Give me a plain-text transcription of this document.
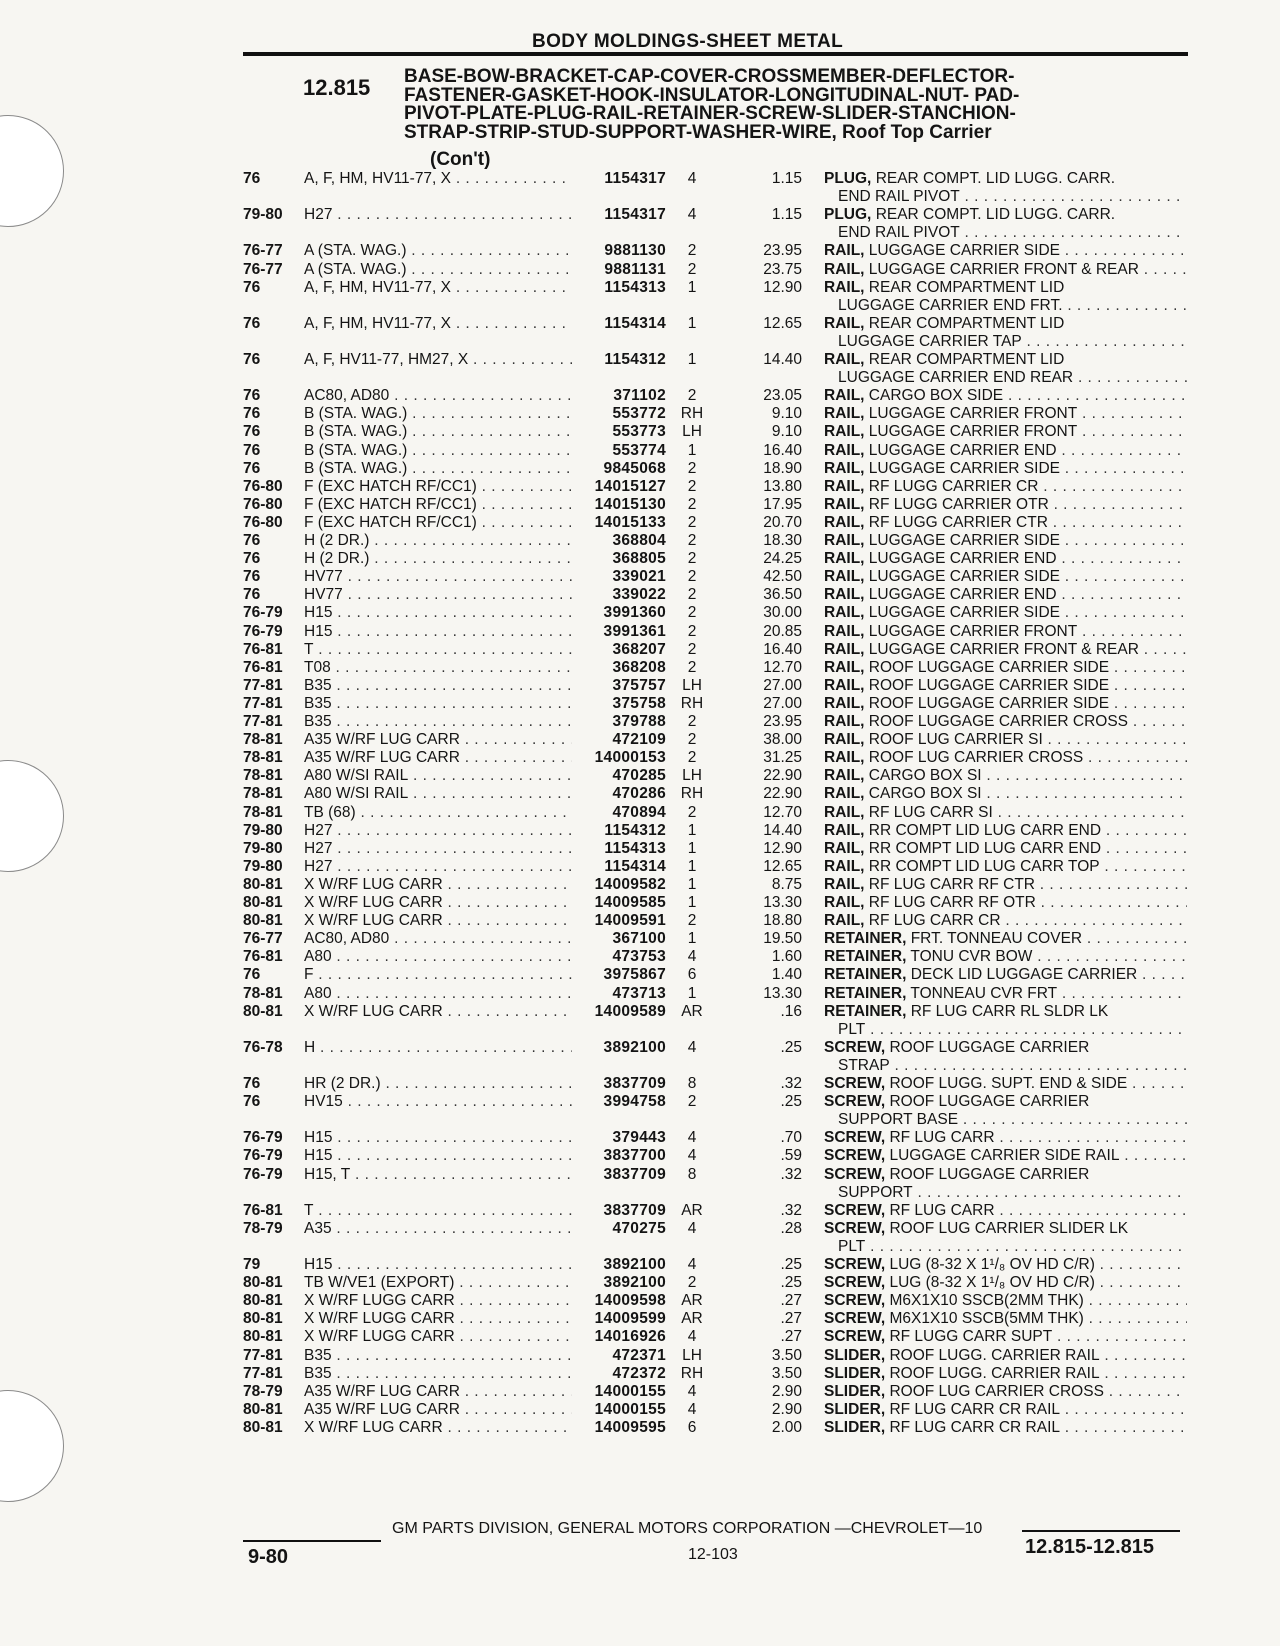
BODY MOLDINGS-SHEET METAL
12.815 BASE-BOW-BRACKET-CAP-COVER-CROSSMEMBER-DEFLECTOR-
FASTENER-GASKET-HOOK-INSULATOR-LONGITUDINAL-NUT- PAD-
PIVOT-PLATE-PLUG-RAIL-RETAINER-SCREW-SLIDER-STANCHION-
STRAP-STRIP-STUD-SUPPORT-WASHER-WIRE, Roof Top Carrier
(Con't)
76	A, F, HM, HV11-77, X . . .	1154317	4	1.15 PLUG, REAR COMPT. LID LUGG. CARR.
END RAIL PIVOT . . .
79-80 H27 . . .	1154317	4	1.15 PLUG, REAR COMPT. LID LUGG. CARR.
END RAIL PIVOT . . .
76-77 A (STA. WAG.) . . .	9881130	2	23.95 RAIL, LUGGAGE CARRIER SIDE . . .
76-77 A (STA. WAG.) . . .	9881131	2	23.75 RAIL, LUGGAGE CARRIER FRONT & REAR . . .
76	A, F, HM, HV11-77, X . . .	1154313	1	12.90 RAIL, REAR COMPARTMENT LID
LUGGAGE CARRIER END FRT. . . .
76	A, F, HM, HV11-77, X . . .	1154314	1	12.65 RAIL, REAR COMPARTMENT LID
LUGGAGE CARRIER TAP . . .
76	A, F, HV11-77, HM27, X . . .	1154312	1	14.40 RAIL, REAR COMPARTMENT LID
LUGGAGE CARRIER END REAR . . .
76	AC80, AD80 . . .	371102	2	23.05 RAIL, CARGO BOX SIDE . . .
76	B (STA. WAG.) . . .	553772 RH	9.10 RAIL, LUGGAGE CARRIER FRONT . . .
76	B (STA. WAG.) . . .	553773	LH	9.10 RAIL, LUGGAGE CARRIER FRONT . . .
76	B (STA. WAG.) . . .	553774	1	16.40 RAIL, LUGGAGE CARRIER END . . .
76	B (STA. WAG.) . . .	9845068	2	18.90 RAIL, LUGGAGE CARRIER SIDE . . .
76-80 F (EXC HATCH RF/CC1) . . .	14015127	2	13.80 RAIL, RF LUGG CARRIER CR . . .
76-80 F (EXC HATCH RF/CC1) . . .	14015130	2	17.95 RAIL, RF LUGG CARRIER OTR . . .
76-80 F (EXC HATCH RF/CC1) . . .	14015133	2	20.70 RAIL, RF LUGG CARRIER CTR . . .
76	H (2 DR.) . . .	368804	2	18.30 RAIL, LUGGAGE CARRIER SIDE . . .
76	H (2 DR.) . . .	368805	2	24.25 RAIL, LUGGAGE CARRIER END . . .
76	HV77 . . .	339021	2	42.50 RAIL, LUGGAGE CARRIER SIDE . . .
76	HV77 . . .	339022	2	36.50 RAIL, LUGGAGE CARRIER END . . .
76-79 H15 . . .	3991360	2	30.00 RAIL, LUGGAGE CARRIER SIDE . . .
76-79 H15 . . .	3991361	2	20.85 RAIL, LUGGAGE CARRIER FRONT . . .
76-81 T . . .	368207	2	16.40 RAIL, LUGGAGE CARRIER FRONT & REAR . . .
76-81 T08 . . .	368208	2	12.70 RAIL, ROOF LUGGAGE CARRIER SIDE . . .
77-81 B35 . . .	375757	LH	27.00 RAIL, ROOF LUGGAGE CARRIER SIDE . . .
77-81 B35 . . .	375758 RH	27.00 RAIL, ROOF LUGGAGE CARRIER SIDE . . .
77-81 B35 . . .	379788	2	23.95 RAIL, ROOF LUGGAGE CARRIER CROSS . . .
78-81 A35 W/RF LUG CARR . . .	472109	2	38.00 RAIL, ROOF LUG CARRIER SI . . .
78-81 A35 W/RF LUG CARR . . .	14000153	2	31.25 RAIL, ROOF LUG CARRIER CROSS . . .
78-81 A80 W/SI RAIL . . .	470285	LH	22.90 RAIL, CARGO BOX SI . . .
78-81 A80 W/SI RAIL . . .	470286 RH	22.90 RAIL, CARGO BOX SI . . .
78-81 TB (68) . . .	470894	2	12.70 RAIL, RF LUG CARR SI . . .
79-80 H27 . . .	1154312	1	14.40 RAIL, RR COMPT LID LUG CARR END . . .
79-80 H27 . . .	1154313	1	12.90 RAIL, RR COMPT LID LUG CARR END . . .
79-80 H27 . . .	1154314	1	12.65 RAIL, RR COMPT LID LUG CARR TOP . . .
80-81 X W/RF LUG CARR . . .	14009582	1	8.75 RAIL, RF LUG CARR RF CTR . . .
80-81 X W/RF LUG CARR . . .	14009585	1	13.30 RAIL, RF LUG CARR RF OTR . . .
80-81 X W/RF LUG CARR . . .	14009591	2	18.80 RAIL, RF LUG CARR CR . . .
76-77 AC80, AD80 . . .	367100	1	19.50 RETAINER, FRT. TONNEAU COVER . . .
76-81 A80 . . .	473753	4	1.60 RETAINER, TONU CVR BOW . . .
76	F . . .	3975867	6	1.40 RETAINER, DECK LID LUGGAGE CARRIER . . .
78-81 A80 . . .	473713	1	13.30 RETAINER, TONNEAU CVR FRT . . .
80-81 X W/RF LUG CARR . . .	14009589 AR	.16 RETAINER, RF LUG CARR RL SLDR LK
PLT . . .
76-78 H . . .	3892100	4	.25 SCREW, ROOF LUGGAGE CARRIER
STRAP . . .
76	HR (2 DR.) . . .	3837709	8	.32 SCREW, ROOF LUGG. SUPT. END & SIDE . . .
76	HV15 . . .	3994758	2	.25 SCREW, ROOF LUGGAGE CARRIER
SUPPORT BASE . . .
76-79 H15 . . .	379443	4	.70 SCREW, RF LUG CARR . . .
76-79 H15 . . .	3837700	4	.59 SCREW, LUGGAGE CARRIER SIDE RAIL . . .
76-79 H15, T . . .	3837709	8	.32 SCREW, ROOF LUGGAGE CARRIER
SUPPORT . . .
76-81 T . . .	3837709 AR	.32 SCREW, RF LUG CARR . . .
78-79 A35 . . .	470275	4	.28 SCREW, ROOF LUG CARRIER SLIDER LK
PLT . . .
79	H15 . . .	3892100	4	.25 SCREW, LUG (8-32 X 1¹/₈ OV HD C/R) . . .
80-81 TB W/VE1 (EXPORT) . . .	3892100	2	.25 SCREW, LUG (8-32 X 1¹/₈ OV HD C/R) . . .
80-81 X W/RF LUGG CARR . . .	14009598 AR	.27 SCREW, M6X1X10 SSCB(2MM THK) . . .
80-81 X W/RF LUGG CARR . . .	14009599 AR	.27 SCREW, M6X1X10 SSCB(5MM THK) . . .
80-81 X W/RF LUGG CARR . . .	14016926	4	.27 SCREW, RF LUGG CARR SUPT . . .
77-81 B35 . . .	472371	LH	3.50 SLIDER, ROOF LUGG. CARRIER RAIL . . .
77-81 B35 . . .	472372 RH	3.50 SLIDER, ROOF LUGG. CARRIER RAIL . . .
78-79 A35 W/RF LUG CARR . . .	14000155	4	2.90 SLIDER, ROOF LUG CARRIER CROSS . . .
80-81 A35 W/RF LUG CARR . . .	14000155	4	2.90 SLIDER, RF LUG CARR CR RAIL . . .
80-81 X W/RF LUG CARR . . .	14009595	6	2.00 SLIDER, RF LUG CARR CR RAIL . . .
GM PARTS DIVISION, GENERAL MOTORS CORPORATION —CHEVROLET—10
9-80	12-103	12.815-12.815
